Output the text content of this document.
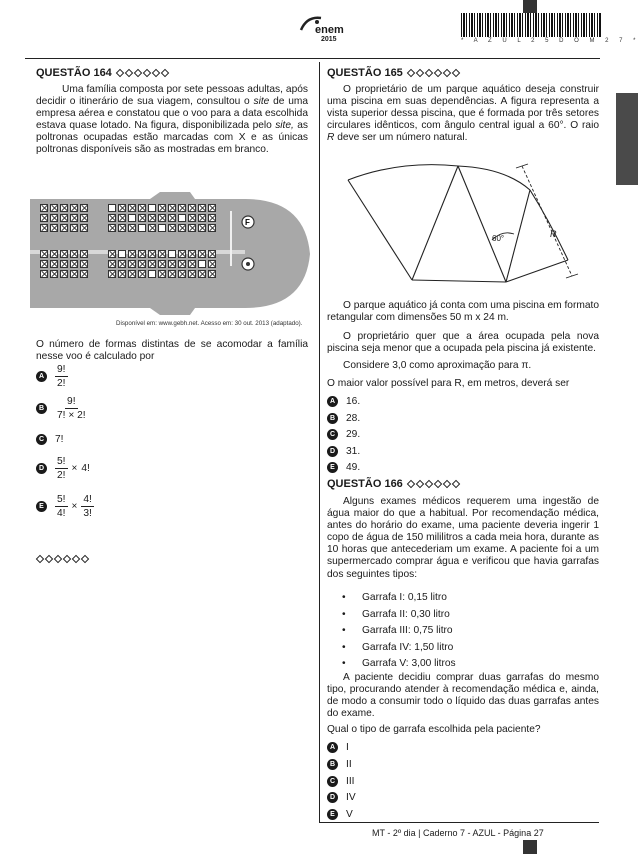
enem
2015	* A Z U L 2 5 D O M 2 7 *
QUESTÃO 164
Uma família composta por sete pessoas adultas, após decidir o itinerário de sua viagem, consultou o site de uma empresa aérea e constatou que o voo para a data escolhida estava quase lotado. Na figura, disponibilizada pelo site, as poltronas ocupadas estão marcadas com X e as únicas poltronas disponíveis são as mostradas em branco.
F
Disponível em: www.gebh.net. Acesso em: 30 out. 2013 (adaptado).
O número de formas distintas de se acomodar a família nesse voo é calculado por
A $\frac{9!}{2!}$
B $\frac{9!}{7! \times 2!}$
C 7!
D $\frac{5!}{2!} \times 4$!
E	$\frac{5!}{4!} \times \frac{4!}{3!}$
QUESTÃO 165
O proprietário de um parque aquático deseja construir uma piscina em suas dependências. A figura representa a vista superior dessa piscina, que é formada por três setores circulares idênticos, com ângulo central igual a 60°. O raio R deve ser um número natural.
60°	R
O parque aquático já conta com uma piscina em formato retangular com dimensões 50 m x 24 m.
O proprietário quer que a área ocupada pela nova piscina seja menor que a ocupada pela piscina já existente.
Considere 3,0 como aproximação para π.
O maior valor possível para R, em metros, deverá ser
A 16.
B 28.
C 29.
D 31.
E	49.
QUESTÃO 166
Alguns exames médicos requerem uma ingestão de água maior do que a habitual. Por recomendação médica, antes do horário do exame, uma paciente deveria ingerir 1 copo de água de 150 mililitros a cada meia hora, durante as 10 horas que antecederiam um exame. A paciente foi a um supermercado comprar água e verificou que havia garrafas dos seguintes tipos:
•	Garrafa I: 0,15 litro
•	Garrafa II: 0,30 litro
•	Garrafa III: 0,75 litro
•	Garrafa IV: 1,50 litro
•	Garrafa V: 3,00 litros
A paciente decidiu comprar duas garrafas do mesmo tipo, procurando atender à recomendação médica e, ainda, de modo a consumir todo o líquido das duas garrafas antes do exame.
Qual o tipo de garrafa escolhida pela paciente?
A I
B II
C III
D IV
E	V
MT - 2º dia | Caderno 7 - AZUL - Página 27
